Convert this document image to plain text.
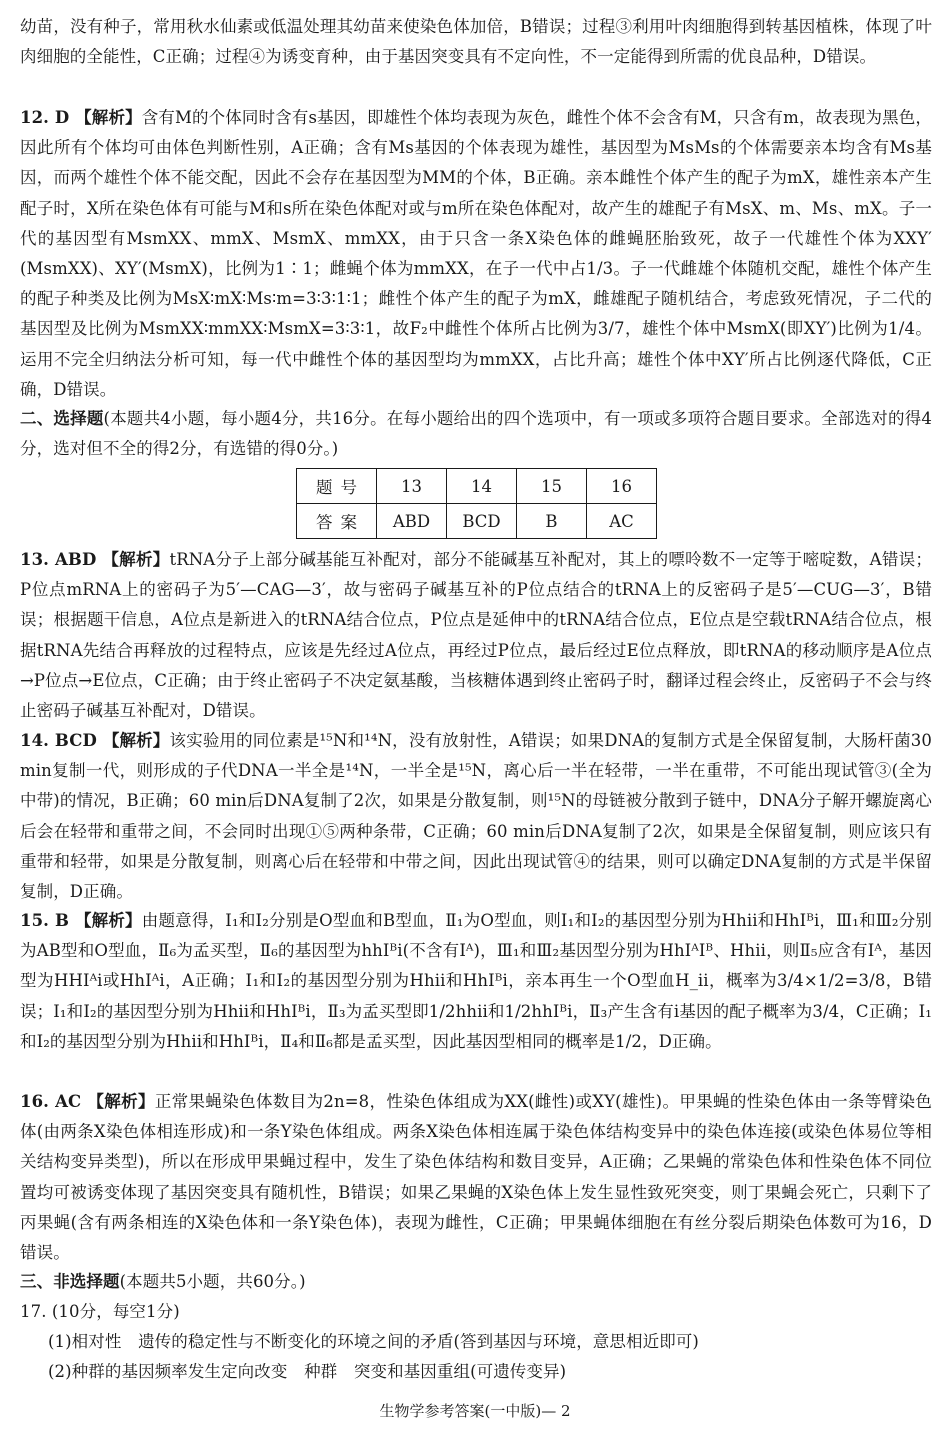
幼苗，没有种子，常用秋水仙素或低温处理其幼苗来使染色体加倍，B错误；过程③利用叶肉细胞得到转基因植株，体现了叶肉细胞的全能性，C正确；过程④为诱变育种，由于基因突变具有不定向性，不一定能得到所需的优良品种，D错误。
12. D 【解析】含有M的个体同时含有s基因，即雄性个体均表现为灰色，雌性个体不会含有M，只含有m，故表现为黑色，因此所有个体均可由体色判断性别，A正确；含有Ms基因的个体表现为雄性，基因型为MsMs的个体需要亲本均含有Ms基因，而两个雄性个体不能交配，因此不会存在基因型为MM的个体，B正确。亲本雌性个体产生的配子为mX，雄性亲本产生配子时，X所在染色体有可能与M和s所在染色体配对或与m所在染色体配对，故产生的雄配子有MsX、m、Ms、mX。子一代的基因型有MsmXX、mmX、MsmX、mmXX，由于只含一条X染色体的雌蝇胚胎致死，故子一代雄性个体为XXY′(MsmXX)、XY′(MsmX)，比例为1∶1；雌蝇个体为mmXX，在子一代中占1/3。子一代雌雄个体随机交配，雄性个体产生的配子种类及比例为MsX∶mX∶Ms∶m=3∶3∶1∶1；雌性个体产生的配子为mX，雌雄配子随机结合，考虑致死情况，子二代的基因型及比例为MsmXX∶mmXX∶MsmX=3∶3∶1，故F₂中雌性个体所占比例为3/7，雄性个体中MsmX(即XY′)比例为1/4。运用不完全归纳法分析可知，每一代中雌性个体的基因型均为mmXX，占比升高；雄性个体中XY′所占比例逐代降低，C正确，D错误。
二、选择题(本题共4小题，每小题4分，共16分。在每小题给出的四个选项中，有一项或多项符合题目要求。全部选对的得4分，选对但不全的得2分，有选错的得0分。)
题号	13	14	15	16
答案	ABD	BCD	B	AC
13. ABD 【解析】tRNA分子上部分碱基能互补配对，部分不能碱基互补配对，其上的嘌呤数不一定等于嘧啶数，A错误；P位点mRNA上的密码子为5′—CAG—3′，故与密码子碱基互补的P位点结合的tRNA上的反密码子是5′—CUG—3′，B错误；根据题干信息，A位点是新进入的tRNA结合位点，P位点是延伸中的tRNA结合位点，E位点是空载tRNA结合位点，根据tRNA先结合再释放的过程特点，应该是先经过A位点，再经过P位点，最后经过E位点释放，即tRNA的移动顺序是A位点→P位点→E位点，C正确；由于终止密码子不决定氨基酸，当核糖体遇到终止密码子时，翻译过程会终止，反密码子不会与终止密码子碱基互补配对，D错误。
14. BCD 【解析】该实验用的同位素是¹⁵N和¹⁴N，没有放射性，A错误；如果DNA的复制方式是全保留复制，大肠杆菌30 min复制一代，则形成的子代DNA一半全是¹⁴N，一半全是¹⁵N，离心后一半在轻带，一半在重带，不可能出现试管③(全为中带)的情况，B正确；60 min后DNA复制了2次，如果是分散复制，则¹⁵N的母链被分散到子链中，DNA分子解开螺旋离心后会在轻带和重带之间，不会同时出现①⑤两种条带，C正确；60 min后DNA复制了2次，如果是全保留复制，则应该只有重带和轻带，如果是分散复制，则离心后在轻带和中带之间，因此出现试管④的结果，则可以确定DNA复制的方式是半保留复制，D正确。
15. B 【解析】由题意得，Ⅰ₁和Ⅰ₂分别是O型血和B型血，Ⅱ₁为O型血，则Ⅰ₁和Ⅰ₂的基因型分别为Hhii和HhIᴮi，Ⅲ₁和Ⅲ₂分别为AB型和O型血，Ⅱ₆为孟买型，Ⅱ₆的基因型为hhIᴮi(不含有Iᴬ)，Ⅲ₁和Ⅲ₂基因型分别为HhIᴬIᴮ、Hhii，则Ⅱ₅应含有Iᴬ，基因型为HHIᴬi或HhIᴬi，A正确；Ⅰ₁和Ⅰ₂的基因型分别为Hhii和HhIᴮi，亲本再生一个O型血H_ii，概率为3/4×1/2=3/8，B错误；Ⅰ₁和Ⅰ₂的基因型分别为Hhii和HhIᴮi，Ⅱ₃为孟买型即1/2hhii和1/2hhIᴮi，Ⅱ₃产生含有i基因的配子概率为3/4，C正确；Ⅰ₁和Ⅰ₂的基因型分别为Hhii和HhIᴮi，Ⅱ₄和Ⅱ₆都是孟买型，因此基因型相同的概率是1/2，D正确。
16. AC 【解析】正常果蝇染色体数目为2n=8，性染色体组成为XX(雌性)或XY(雄性)。甲果蝇的性染色体由一条等臂染色体(由两条X染色体相连形成)和一条Y染色体组成。两条X染色体相连属于染色体结构变异中的染色体连接(或染色体易位等相关结构变异类型)，所以在形成甲果蝇过程中，发生了染色体结构和数目变异，A正确；乙果蝇的常染色体和性染色体不同位置均可被诱变体现了基因突变具有随机性，B错误；如果乙果蝇的X染色体上发生显性致死突变，则丁果蝇会死亡，只剩下了丙果蝇(含有两条相连的X染色体和一条Y染色体)，表现为雌性，C正确；甲果蝇体细胞在有丝分裂后期染色体数可为16，D错误。
三、非选择题(本题共5小题，共60分。)
17. (10分，每空1分)
(1)相对性　遗传的稳定性与不断变化的环境之间的矛盾(答到基因与环境，意思相近即可)
(2)种群的基因频率发生定向改变　种群　突变和基因重组(可遗传变异)
生物学参考答案(一中版)— 2
